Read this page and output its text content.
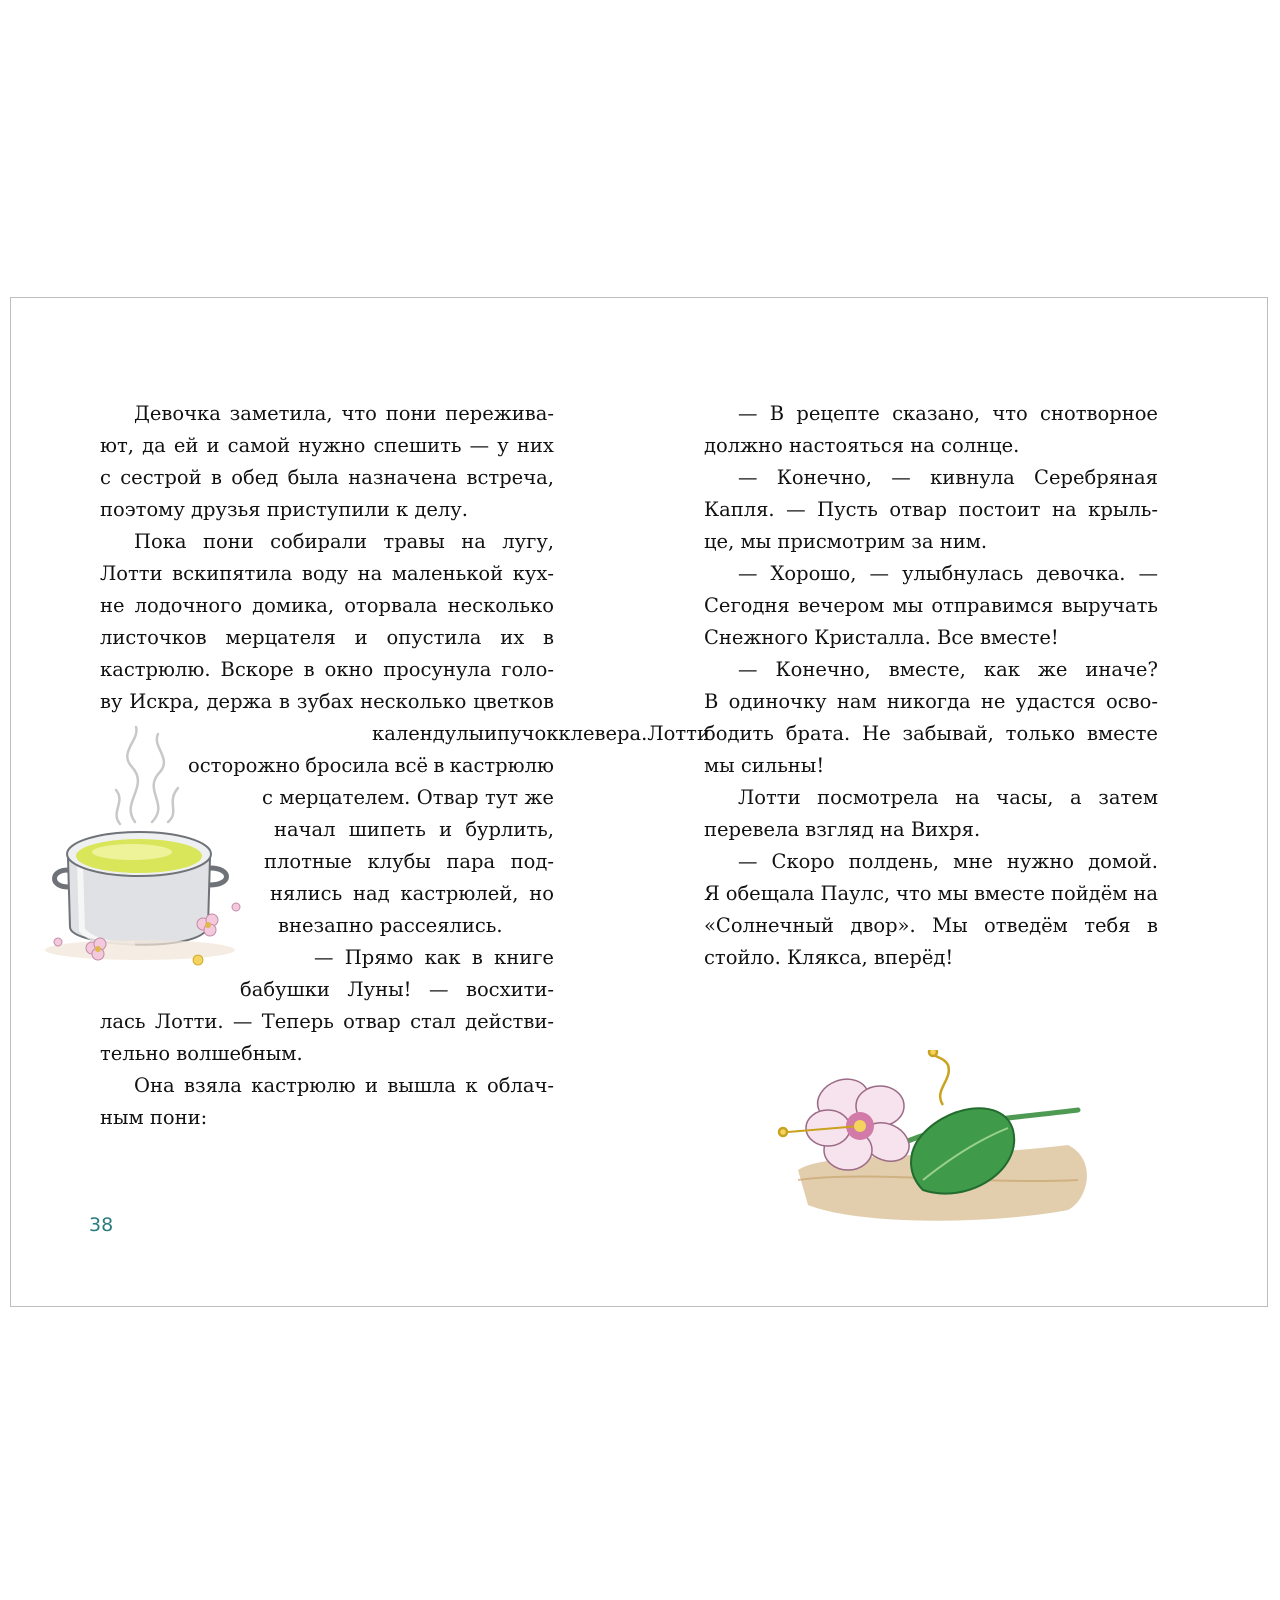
Девочка заметила, что пони пережива-
ют, да ей и самой нужно спешить — у них
с сестрой в обед была назначена встреча,
поэтому друзья приступили к делу.
Пока пони собирали травы на лугу,
Лотти вскипятила воду на маленькой кух-
не лодочного домика, оторвала несколько
листочков мерцателя и опустила их в
кастрюлю. Вскоре в окно просунула голо-
ву Искра, держа в зубах несколько цветков
календулы и пучок клевера. Лотти
осторожно бросила всё в кастрюлю
с мерцателем. Отвар тут же
начал шипеть и бурлить,
плотные клубы пара под-
нялись над кастрюлей, но
внезапно рассеялись.
— Прямо как в книге
бабушки Луны! — восхити-
лась Лотти. — Теперь отвар стал действи-
тельно волшебным.
Она взяла кастрюлю и вышла к облач-
ным пони:
— В рецепте сказано, что снотворное
должно настояться на солнце.
— Конечно, — кивнула Серебряная
Капля. — Пусть отвар постоит на крыль-
це, мы присмотрим за ним.
— Хорошо, — улыбнулась девочка. —
Сегодня вечером мы отправимся выручать
Снежного Кристалла. Все вместе!
— Конечно, вместе, как же иначе?
В одиночку нам никогда не удастся осво-
бодить брата. Не забывай, только вместе
мы сильны!
Лотти посмотрела на часы, а затем
перевела взгляд на Вихря.
— Скоро полдень, мне нужно домой.
Я обещала Паулс, что мы вместе пойдём на
«Солнечный двор». Мы отведём тебя в
стойло. Клякса, вперёд!
38
